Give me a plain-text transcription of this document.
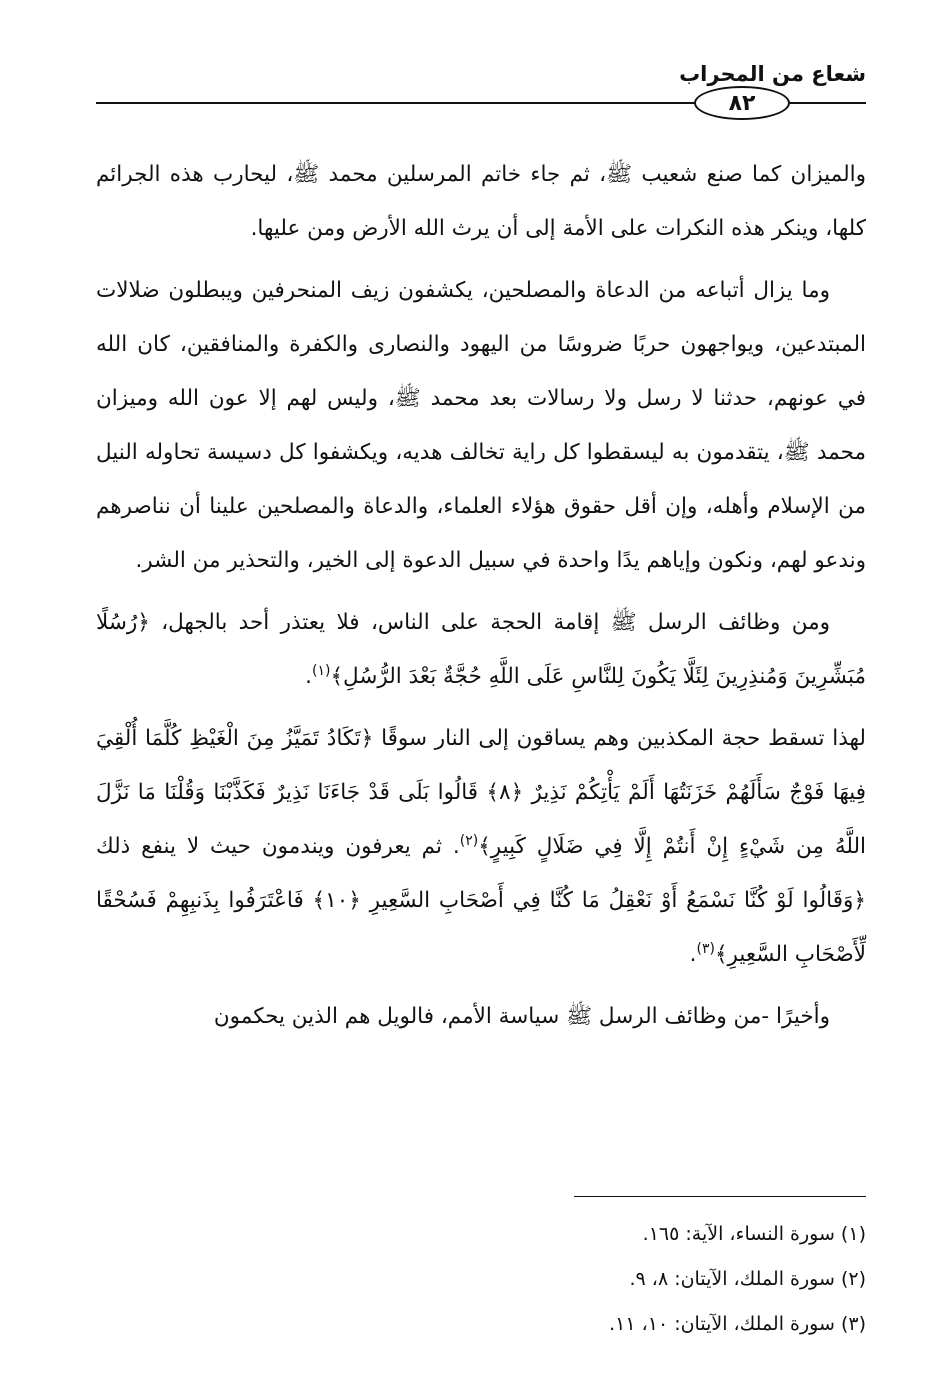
شعاع من المحراب
٨٢

والميزان كما صنع شعيب ﷺ، ثم جاء خاتم المرسلين محمد ﷺ، ليحارب هذه الجرائم كلها، وينكر هذه النكرات على الأمة إلى أن يرث الله الأرض ومن عليها.

وما يزال أتباعه من الدعاة والمصلحين، يكشفون زيف المنحرفين ويبطلون ضلالات المبتدعين، ويواجهون حربًا ضروسًا من اليهود والنصارى والكفرة والمنافقين، كان الله في عونهم، حدثنا لا رسل ولا رسالات بعد محمد ﷺ، وليس لهم إلا عون الله وميزان محمد ﷺ، يتقدمون به ليسقطوا كل راية تخالف هديه، ويكشفوا كل دسيسة تحاوله النيل من الإسلام وأهله، وإن أقل حقوق هؤلاء العلماء، والدعاة والمصلحين علينا أن نناصرهم وندعو لهم، ونكون وإياهم يدًا واحدة في سبيل الدعوة إلى الخير، والتحذير من الشر.

ومن وظائف الرسل ﷺ إقامة الحجة على الناس، فلا يعتذر أحد بالجهل، ﴿رُسُلًا مُبَشِّرِينَ وَمُنذِرِينَ لِئَلَّا يَكُونَ لِلنَّاسِ عَلَى اللَّهِ حُجَّةٌ بَعْدَ الرُّسُلِ﴾$^{(١)}$.

لهذا تسقط حجة المكذبين وهم يساقون إلى النار سوقًا ﴿تَكَادُ تَمَيَّزُ مِنَ الْغَيْظِ كُلَّمَا أُلْقِيَ فِيهَا فَوْجٌ سَأَلَهُمْ خَزَنَتُهَا أَلَمْ يَأْتِكُمْ نَذِيرٌ ﴿٨﴾ قَالُوا بَلَى قَدْ جَاءَنَا نَذِيرٌ فَكَذَّبْنَا وَقُلْنَا مَا نَزَّلَ اللَّهُ مِن شَيْءٍ إِنْ أَنتُمْ إِلَّا فِي ضَلَالٍ كَبِيرٍ﴾$^{(٢)}$. ثم يعرفون ويندمون حيث لا ينفع ذلك ﴿وَقَالُوا لَوْ كُنَّا نَسْمَعُ أَوْ نَعْقِلُ مَا كُنَّا فِي أَصْحَابِ السَّعِيرِ ﴿١٠﴾ فَاعْتَرَفُوا بِذَنبِهِمْ فَسُحْقًا لِّأَصْحَابِ السَّعِيرِ﴾$^{(٣)}$.

وأخيرًا -من وظائف الرسل ﷺ سياسة الأمم، فالويل هم الذين يحكمون

(١) سورة النساء، الآية: ١٦٥.
(٢) سورة الملك، الآيتان: ٨، ٩.
(٣) سورة الملك، الآيتان: ١٠، ١١.
